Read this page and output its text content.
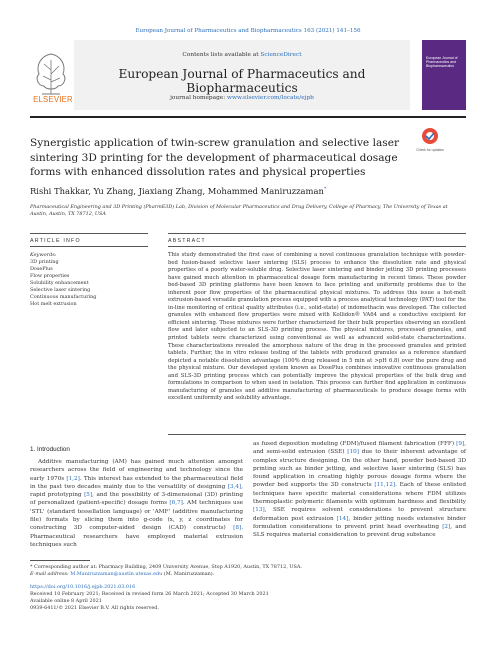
European Journal of Pharmaceutics and Biopharmaceutics 163 (2021) 141–156
ELSEVIER
Contents lists available at ScienceDirect
European Journal of Pharmaceutics and Biopharmaceutics
journal homepage: www.elsevier.com/locate/ejpb
European Journal of Pharmaceutics and Biopharmaceutics
Synergistic application of twin-screw granulation and selective laser sintering 3D printing for the development of pharmaceutical dosage forms with enhanced dissolution rates and physical properties
Check for updates
Rishi Thakkar, Yu Zhang, Jiaxiang Zhang, Mohammed Maniruzzaman*
Pharmaceutical Engineering and 3D Printing (PharmE3D) Lab, Division of Molecular Pharmaceutics and Drug Delivery, College of Pharmacy, The University of Texas at Austin, Austin, TX 78712, USA
ARTICLE INFO	ABSTRACT
Keywords:
3D printing
DosePlus
Flow properties
Solubility enhancement
Selective laser sintering
Continuous manufacturing
Hot melt extrusion

This study demonstrated the first case of combining a novel continuous granulation technique with powder-bed fusion-based selective laser sintering (SLS) process to enhance the dissolution rate and physical properties of a poorly water-soluble drug. Selective laser sintering and binder jetting 3D printing processes have gained much attention in pharmaceutical dosage form manufacturing in recent times. These powder bed-based 3D printing platforms have been known to face printing and uniformity problems due to the inherent poor flow properties of the pharmaceutical physical mixtures. To address this issue a hot-melt extrusion-based versatile granulation process equipped with a process analytical technology (PAT) tool for the in-line monitoring of critical quality attributes (i.e., solid-state) of indomethacin was developed. The collected granules with enhanced flow properties were mixed with Kollidon® VA64 and a conductive excipient for efficient sintering. These mixtures were further characterized for their bulk properties observing an excellent flow and later subjected to an SLS-3D printing process. The physical mixtures, processed granules, and printed tablets were characterized using conventional as well as advanced solid-state characterizations. These characterizations revealed the amorphous nature of the drug in the processed granules and printed tablets. Further, the in vitro release testing of the tablets with produced granules as a reference standard depicted a notable dissolution advantage (100% drug released in 5 min at >pH 6.8) over the pure drug and the physical mixture. Our developed system known as DosePlus combines innovative continuous granulation and SLS-3D printing process which can potentially improve the physical properties of the bulk drug and formulations in comparison to when used in isolation. This process can further find application in continuous manufacturing of granules and additive manufacturing of pharmaceuticals to produce dosage forms with excellent uniformity and solubility advantage.

1. Introduction

Additive manufacturing (AM) has gained much attention amongst researchers across the field of engineering and technology since the early 1970s [1,2]. This interest has extended to the pharmaceutical field in the past two decades mainly due to the versatility of designing [3,4], rapid prototyping [5], and the possibility of 3-dimensional (3D) printing of personalized (patient-specific) dosage forms [6,7]. AM techniques use 'STL' (standard tessellation language) or 'AMF' (additive manufacturing file) formats by slicing them into g-code (x, y, z coordinates for constructing 3D computer-aided design (CAD) constructs) [8]. Pharmaceutical researchers have employed material extrusion techniques such

as fused deposition modeling (FDM)/fused filament fabrication (FFF) [9], and semi-solid extrusion (SSE) [10] due to their inherent advantage of complex structure designing. On the other hand, powder bed-based 3D printing such as binder jetting, and selective laser sintering (SLS) has found application in creating highly porous dosage forms where the powder bed supports the 3D constructs [11,12]. Each of these enlisted techniques have specific material considerations where FDM utilizes thermoplastic polymeric filaments with optimum hardness and flexibility [13], SSE requires solvent considerations to prevent structure deformation post extrusion [14], binder jetting needs extensive binder formulation considerations to prevent print head overheating [2], and SLS requires material consideration to prevent drug substance

* Corresponding author at: Pharmacy Building, 2409 University Avenue, Stop A1920, Austin, TX 78712, USA.
E-mail address: M.Maniruzzaman@austin.utexas.edu (M. Maniruzzaman).
https://doi.org/10.1016/j.ejpb.2021.03.016
Received 10 February 2021; Received in revised form 26 March 2021; Accepted 30 March 2021
Available online 8 April 2021
0939-6411/© 2021 Elsevier B.V. All rights reserved.
